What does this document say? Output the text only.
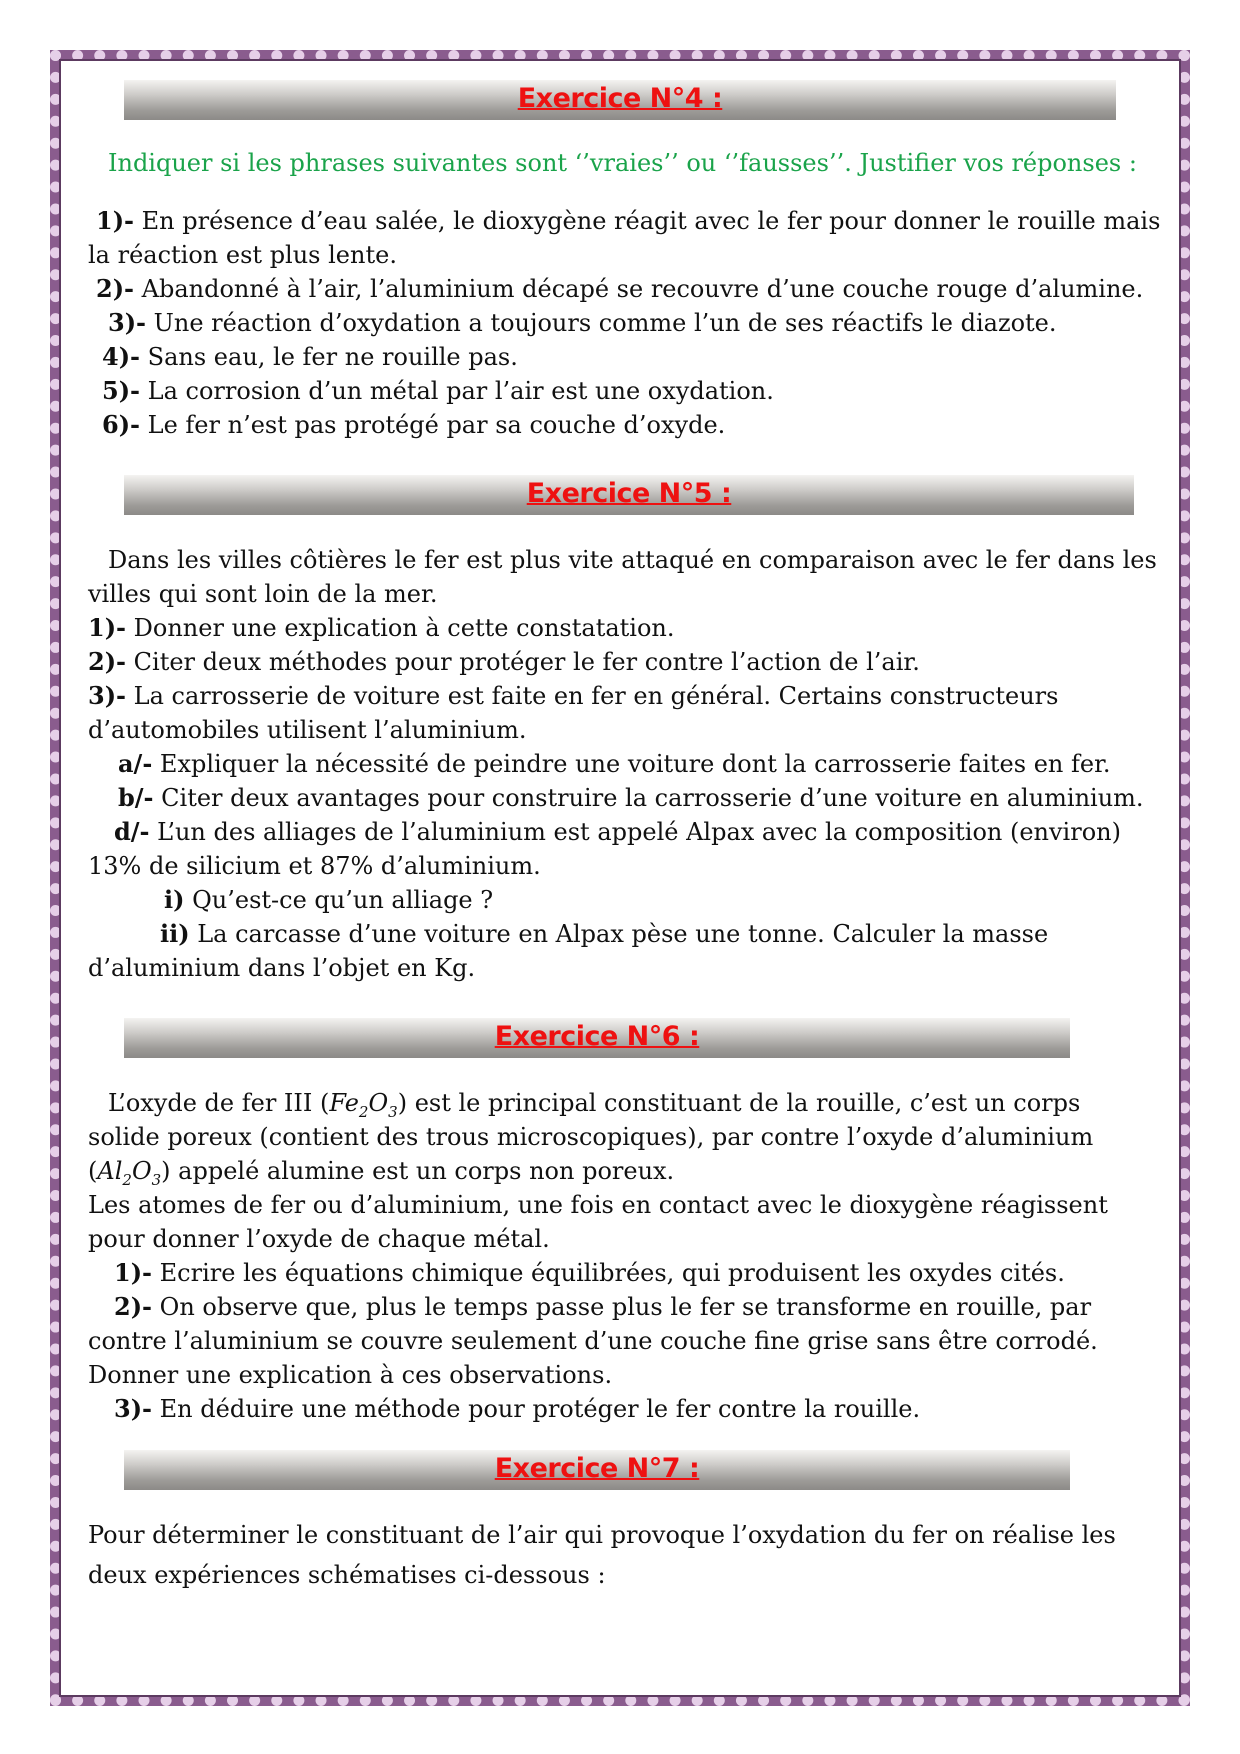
Exercice N°4 :
Indiquer si les phrases suivantes sont ‘’vraies’’ ou ‘’fausses’’. Justifier vos réponses :
1)- En présence d’eau salée, le dioxygène réagit avec le fer pour donner le rouille mais
la réaction est plus lente.
2)- Abandonné à l’air, l’aluminium décapé se recouvre d’une couche rouge d’alumine.
3)- Une réaction d’oxydation a toujours comme l’un de ses réactifs le diazote.
4)- Sans eau, le fer ne rouille pas.
5)- La corrosion d’un métal par l’air est une oxydation.
6)- Le fer n’est pas protégé par sa couche d’oxyde.
Exercice N°5 :
Dans les villes côtières le fer est plus vite attaqué en comparaison avec le fer dans les
villes qui sont loin de la mer.
1)- Donner une explication à cette constatation.
2)- Citer deux méthodes pour protéger le fer contre l’action de l’air.
3)- La carrosserie de voiture est faite en fer en général. Certains constructeurs
d’automobiles utilisent l’aluminium.
a/- Expliquer la nécessité de peindre une voiture dont la carrosserie faites en fer.
b/- Citer deux avantages pour construire la carrosserie d’une voiture en aluminium.
d/- L’un des alliages de l’aluminium est appelé Alpax avec la composition (environ)
13% de silicium et 87% d’aluminium.
i) Qu’est-ce qu’un alliage ?
ii) La carcasse d’une voiture en Alpax pèse une tonne. Calculer la masse
d’aluminium dans l’objet en Kg.
Exercice N°6 :
L’oxyde de fer III $(Fe_2O_3)$ est le principal constituant de la rouille, c’est un corps
solide poreux (contient des trous microscopiques), par contre l’oxyde d’aluminium
$(Al_2O_3)$ appelé alumine est un corps non poreux.
Les atomes de fer ou d’aluminium, une fois en contact avec le dioxygène réagissent
pour donner l’oxyde de chaque métal.
1)- Ecrire les équations chimique équilibrées, qui produisent les oxydes cités.
2)- On observe que, plus le temps passe plus le fer se transforme en rouille, par
contre l’aluminium se couvre seulement d’une couche fine grise sans être corrodé.
Donner une explication à ces observations.
3)- En déduire une méthode pour protéger le fer contre la rouille.
Exercice N°7 :
Pour déterminer le constituant de l’air qui provoque l’oxydation du fer on réalise les
deux expériences schématises ci-dessous :
